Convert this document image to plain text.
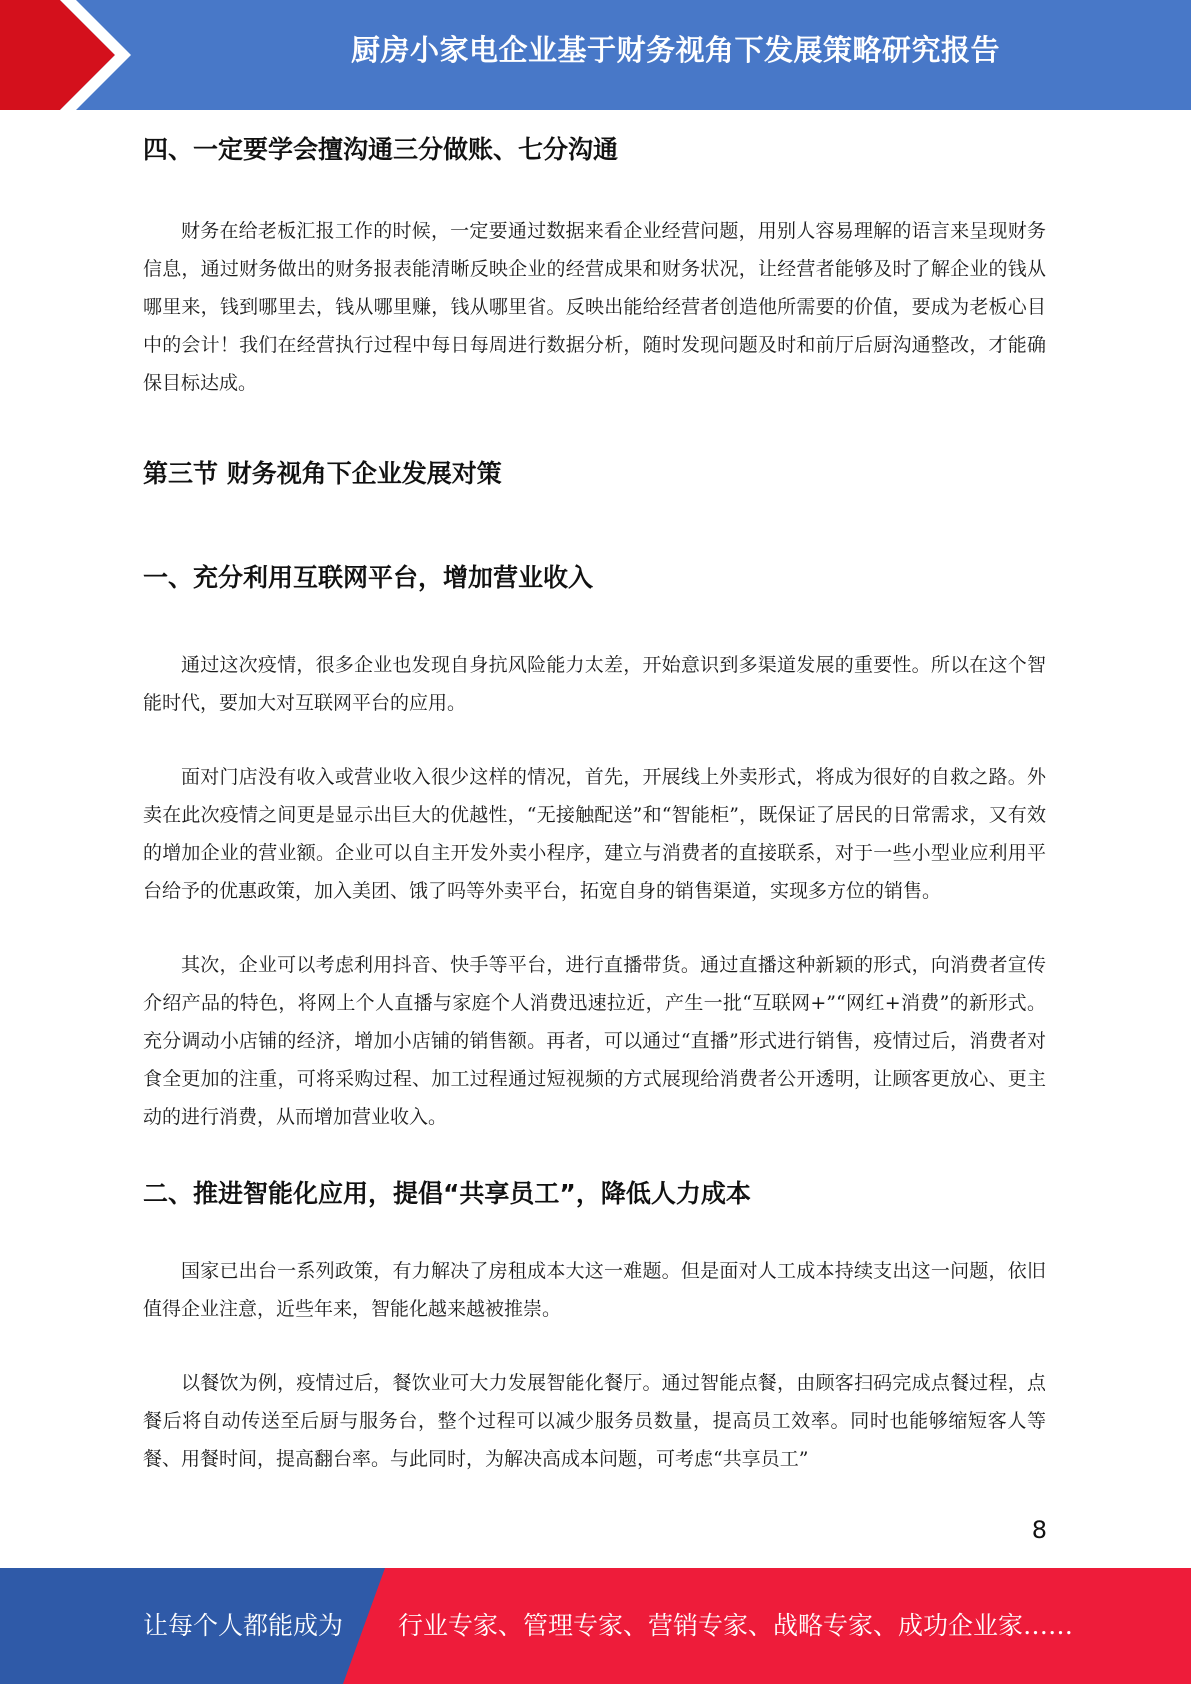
厨房小家电企业基于财务视角下发展策略研究报告
四、一定要学会擅沟通三分做账、七分沟通

财务在给老板汇报工作的时候，一定要通过数据来看企业经营问题，用别人容易理解的语言来呈现财务信息，通过财务做出的财务报表能清晰反映企业的经营成果和财务状况，让经营者能够及时了解企业的钱从哪里来，钱到哪里去，钱从哪里赚，钱从哪里省。反映出能给经营者创造他所需要的价值，要成为老板心目中的会计！我们在经营执行过程中每日每周进行数据分析，随时发现问题及时和前厅后厨沟通整改，才能确保目标达成。

第三节 财务视角下企业发展对策
一、充分利用互联网平台，增加营业收入

通过这次疫情，很多企业也发现自身抗风险能力太差，开始意识到多渠道发展的重要性。所以在这个智能时代，要加大对互联网平台的应用。

面对门店没有收入或营业收入很少这样的情况，首先，开展线上外卖形式，将成为很好的自救之路。外卖在此次疫情之间更是显示出巨大的优越性，“无接触配送”和“智能柜”，既保证了居民的日常需求，又有效的增加企业的营业额。企业可以自主开发外卖小程序，建立与消费者的直接联系，对于一些小型业应利用平台给予的优惠政策，加入美团、饿了吗等外卖平台，拓宽自身的销售渠道，实现多方位的销售。

其次，企业可以考虑利用抖音、快手等平台，进行直播带货。通过直播这种新颖的形式，向消费者宣传介绍产品的特色，将网上个人直播与家庭个人消费迅速拉近，产生一批“互联网+”“网红+消费”的新形式。充分调动小店铺的经济，增加小店铺的销售额。再者，可以通过“直播”形式进行销售，疫情过后，消费者对食全更加的注重，可将采购过程、加工过程通过短视频的方式展现给消费者公开透明，让顾客更放心、更主动的进行消费，从而增加营业收入。

二、推进智能化应用，提倡“共享员工”，降低人力成本

国家已出台一系列政策，有力解决了房租成本大这一难题。但是面对人工成本持续支出这一问题，依旧值得企业注意，近些年来，智能化越来越被推崇。

以餐饮为例，疫情过后，餐饮业可大力发展智能化餐厅。通过智能点餐，由顾客扫码完成点餐过程，点餐后将自动传送至后厨与服务台，整个过程可以减少服务员数量，提高员工效率。同时也能够缩短客人等餐、用餐时间，提高翻台率。与此同时，为解决高成本问题，可考虑“共享员工”

8
让每个人都能成为 行业专家、管理专家、营销专家、战略专家、成功企业家……
